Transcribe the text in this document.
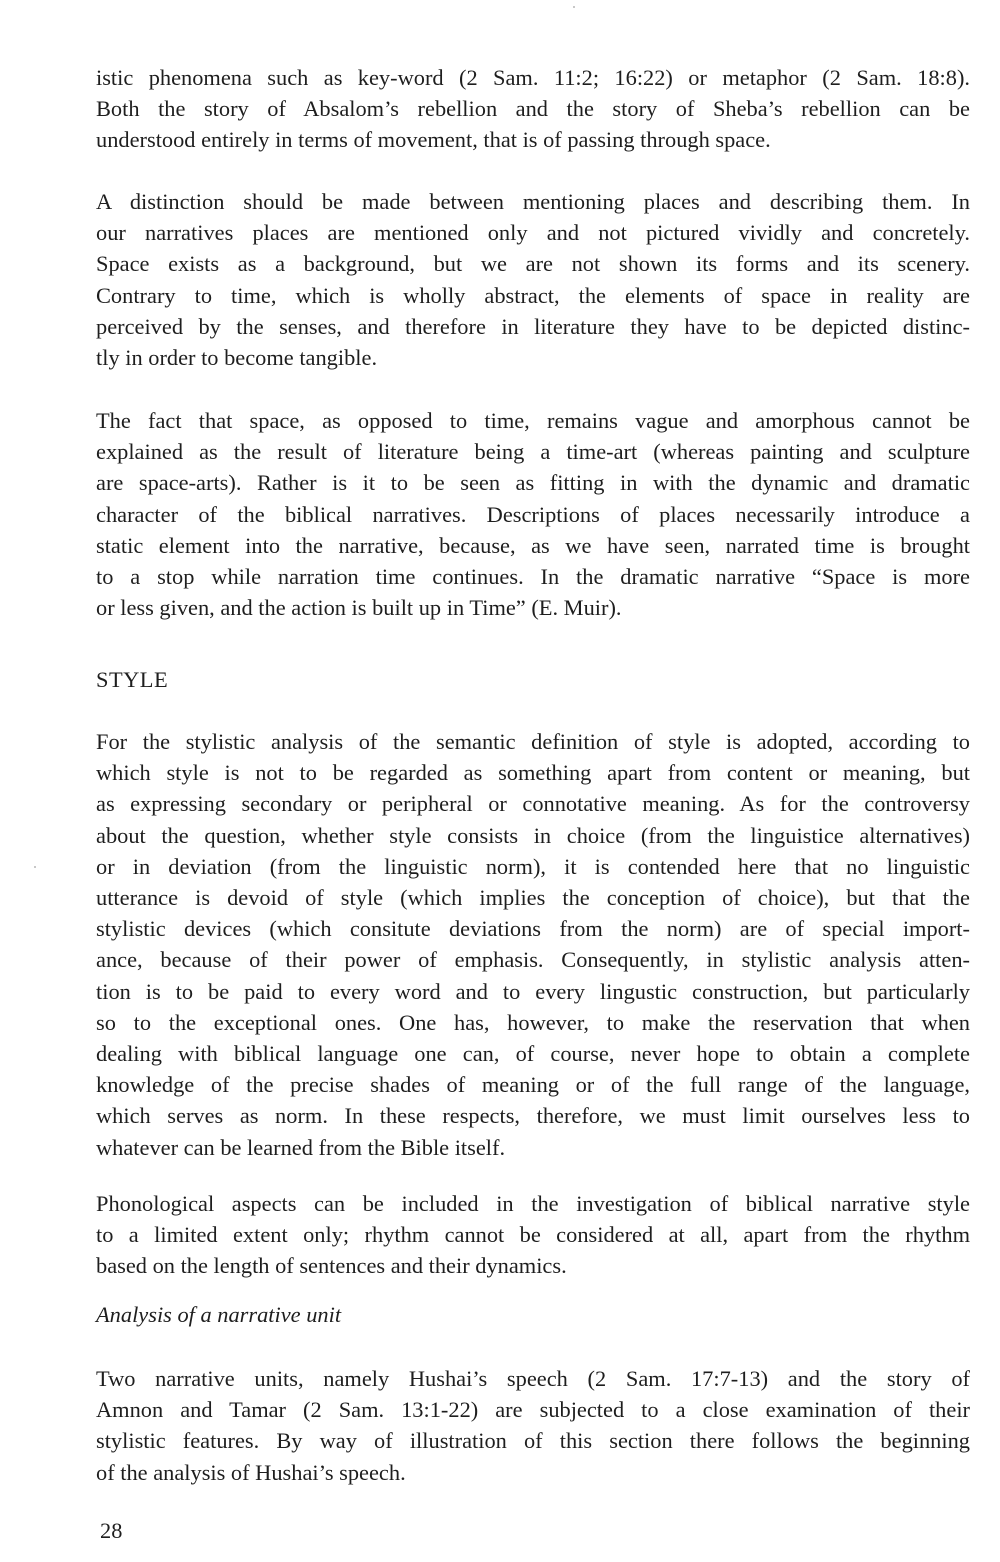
istic phenomena such as key-word (2 Sam. 11:2; 16:22) or metaphor (2 Sam. 18:8).
Both the story of Absalom’s rebellion and the story of Sheba’s rebellion can be
understood entirely in terms of movement, that is of passing through space.

A distinction should be made between mentioning places and describing them. In
our narratives places are mentioned only and not pictured vividly and concretely.
Space exists as a background, but we are not shown its forms and its scenery.
Contrary to time, which is wholly abstract, the elements of space in reality are
perceived by the senses, and therefore in literature they have to be depicted distinc-
tly in order to become tangible.

The fact that space, as opposed to time, remains vague and amorphous cannot be
explained as the result of literature being a time-art (whereas painting and sculpture
are space-arts). Rather is it to be seen as fitting in with the dynamic and dramatic
character of the biblical narratives. Descriptions of places necessarily introduce a
static element into the narrative, because, as we have seen, narrated time is brought
to a stop while narration time continues. In the dramatic narrative “Space is more
or less given, and the action is built up in Time” (E. Muir).

STYLE

For the stylistic analysis of the semantic definition of style is adopted, according to
which style is not to be regarded as something apart from content or meaning, but
as expressing secondary or peripheral or connotative meaning. As for the controversy
about the question, whether style consists in choice (from the linguistice alternatives)
or in deviation (from the linguistic norm), it is contended here that no linguistic
utterance is devoid of style (which implies the conception of choice), but that the
stylistic devices (which consitute deviations from the norm) are of special import-
ance, because of their power of emphasis. Consequently, in stylistic analysis atten-
tion is to be paid to every word and to every lingustic construction, but particularly
so to the exceptional ones. One has, however, to make the reservation that when
dealing with biblical language one can, of course, never hope to obtain a complete
knowledge of the precise shades of meaning or of the full range of the language,
which serves as norm. In these respects, therefore, we must limit ourselves less to
whatever can be learned from the Bible itself.

Phonological aspects can be included in the investigation of biblical narrative style
to a limited extent only; rhythm cannot be considered at all, apart from the rhythm
based on the length of sentences and their dynamics.

Analysis of a narrative unit

Two narrative units, namely Hushai’s speech (2 Sam. 17:7-13) and the story of
Amnon and Tamar (2 Sam. 13:1-22) are subjected to a close examination of their
stylistic features. By way of illustration of this section there follows the beginning
of the analysis of Hushai’s speech.

28
